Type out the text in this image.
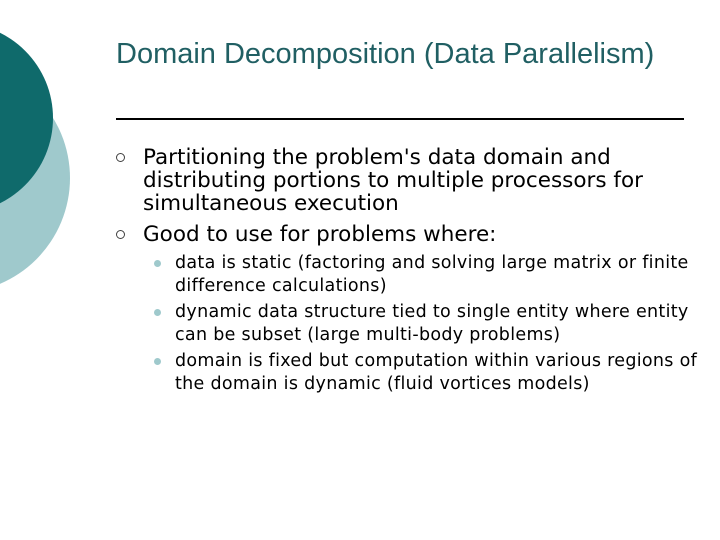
Domain Decomposition (Data Parallelism)
Partitioning the problem's data domain and distributing portions to multiple processors for simultaneous execution
Good to use for problems where:
data is static (factoring and solving large matrix or finite difference calculations)
dynamic data structure tied to single entity where entity can be subset (large multi-body problems)
domain is fixed but computation within various regions of the domain is dynamic (fluid vortices models)
